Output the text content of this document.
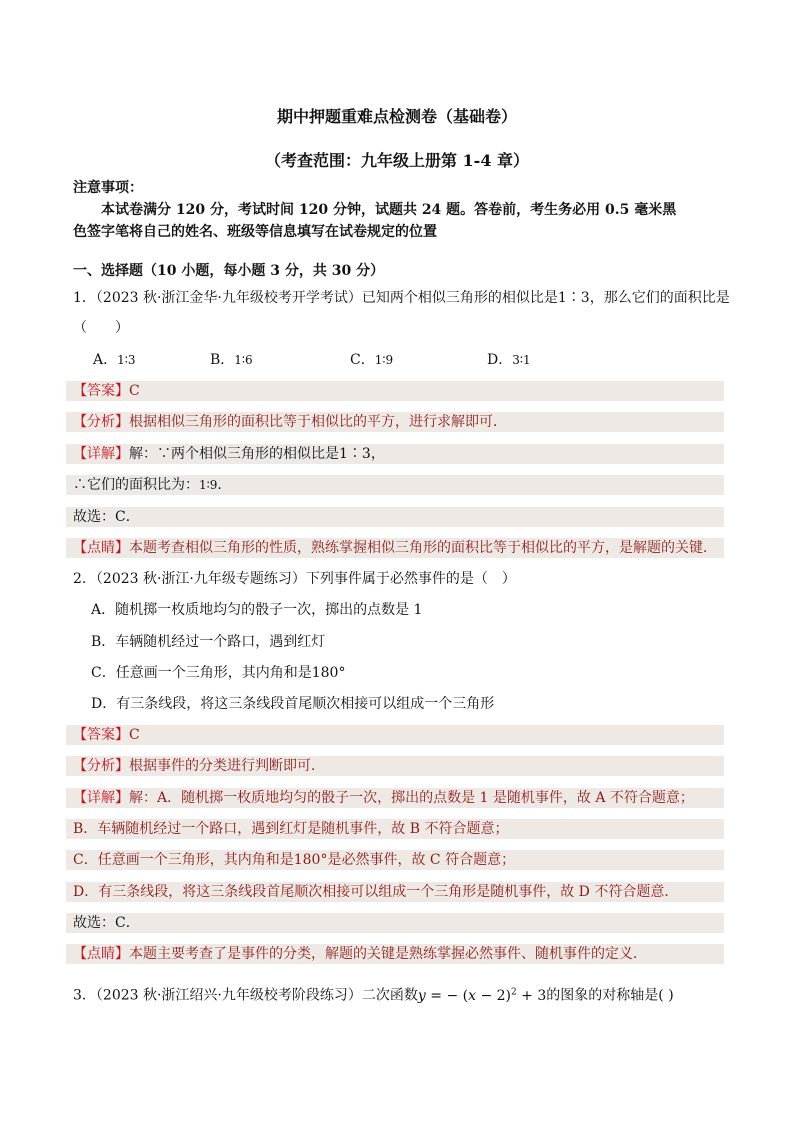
期中押题重难点检测卷（基础卷）
（考查范围：九年级上册第 1-4 章）
注意事项：
本试卷满分 120 分，考试时间 120 分钟，试题共 24 题。答卷前，考生务必用 0.5 毫米黑
色签字笔将自己的姓名、班级等信息填写在试卷规定的位置
一、选择题（10 小题，每小题 3 分，共 30 分）
1．（2023 秋·浙江金华·九年级校考开学考试）已知两个相似三角形的相似比是1∶3，那么它们的面积比是
（　　）
A．1∶3	B．1∶6	C．1∶9	D．3∶1
【答案】C
【分析】根据相似三角形的面积比等于相似比的平方，进行求解即可．
【详解】解：∵两个相似三角形的相似比是1∶3，
∴它们的面积比为：1∶9．
故选：C．
【点睛】本题考查相似三角形的性质，熟练掌握相似三角形的面积比等于相似比的平方，是解题的关键．
2．（2023 秋·浙江·九年级专题练习）下列事件属于必然事件的是（　）
A．随机掷一枚质地均匀的骰子一次，掷出的点数是 1
B．车辆随机经过一个路口，遇到红灯
C．任意画一个三角形，其内角和是180°
D．有三条线段，将这三条线段首尾顺次相接可以组成一个三角形
【答案】C
【分析】根据事件的分类进行判断即可．
【详解】解：A．随机掷一枚质地均匀的骰子一次，掷出的点数是 1 是随机事件，故 A 不符合题意；
B．车辆随机经过一个路口，遇到红灯是随机事件，故 B 不符合题意；
C．任意画一个三角形，其内角和是180°是必然事件，故 C 符合题意；
D．有三条线段，将这三条线段首尾顺次相接可以组成一个三角形是随机事件，故 D 不符合题意．
故选：C．
【点睛】本题主要考查了是事件的分类，解题的关键是熟练掌握必然事件、随机事件的定义．
3．（2023 秋·浙江绍兴·九年级校考阶段练习）二次函数y = − $(x - 2)^2 + 3$的图象的对称轴是( )
